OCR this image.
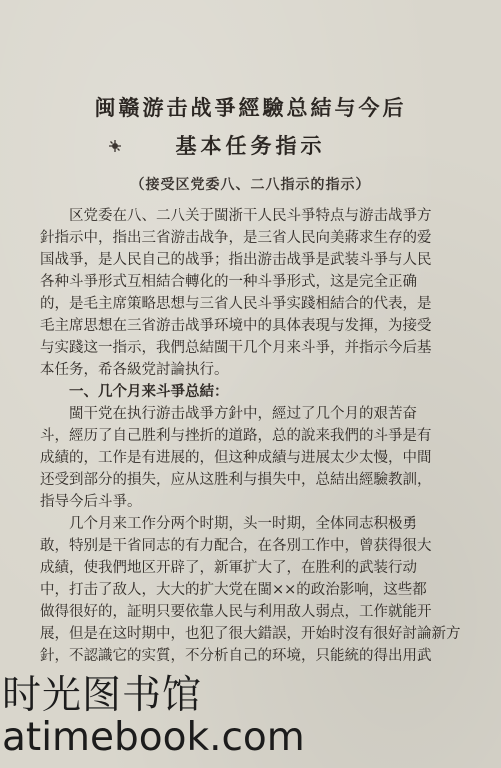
闽赣游击战爭經驗总結与今后
基本任务指示
（接受区党委八、二八指示的指示）
区党委在八、二八关于閩浙干人民斗爭特点与游击战爭方
針指示中，指出三省游击战争，是三省人民向美蔣求生存的爱
国战爭，是人民自己的战爭；指出游击战爭是武装斗爭与人民
各种斗爭形式互相結合轉化的一种斗爭形式，这是完全正确
的，是毛主席策略思想与三省人民斗爭实踐相結合的代表，是
毛主席思想在三省游击战爭环境中的具体表現与发揮，为接受
与实踐这一指示，我們总結閩干几个月来斗爭，并指示今后基
本任务，希各級党討論执行。
一、几个月来斗爭总結：
閩干党在执行游击战爭方針中，經过了几个月的艰苦奋
斗，經历了自己胜利与挫折的道路，总的說来我們的斗爭是有
成績的，工作是有进展的，但这种成績与进展太少太慢，中間
还受到部分的損失，应从这胜利与損失中，总結出經驗教訓，
指导今后斗爭。
几个月来工作分两个时期，头一时期，全体同志积极勇
敢，特别是干省同志的有力配合，在各別工作中，曾获得很大
成績，使我們地区开辟了，新軍扩大了，在胜利的武装行动
中，打击了敌人，大大的扩大党在閩××的政治影响，这些都
做得很好的，証明只要依靠人民与利用敌人弱点，工作就能开
展，但是在这时期中，也犯了很大錯誤，开始时沒有很好討論新方
針，不認識它的实質，不分析自己的环境，只能統的得出用武
时光图书馆
atimebook.com
